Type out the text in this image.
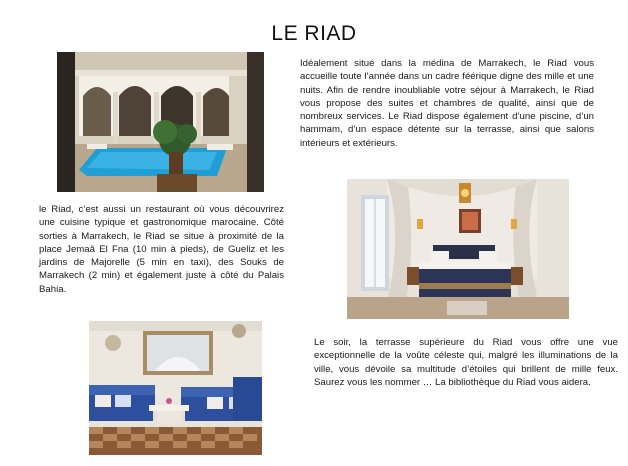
LE RIAD
Idéalement situé dans la médina de Marrakech, le Riad vous accueille toute l’année dans un cadre féérique digne des mille et une nuits. Afin de rendre inoubliable votre séjour à Marrakech, le Riad vous propose des suites et chambres de qualité, ainsi que de nombreux services. Le Riad dispose également d’une piscine, d’un hammam, d’un espace détente sur la terrasse, ainsi que salons intérieurs et extérieurs.
le Riad, c’est aussi un restaurant où vous découvrirez une cuisine typique et gastronomique marocaine. Côté sorties à Marrakech, le Riad se situe à proximité de la place Jemaâ El Fna (10 min à pieds), de Gueliz et les jardins de Majorelle (5 min en taxi), des Souks de Marrakech (2 min) et également juste à côté du Palais Bahia.
Le soir, la terrasse supérieure du Riad vous offre une vue exceptionnelle de la voûte céleste qui, malgré les illuminations de la ville, vous dévoile sa multitude d’étoiles qui brillent de mille feux. Saurez vous les nommer … La bibliothèque du Riad vous aidera.
